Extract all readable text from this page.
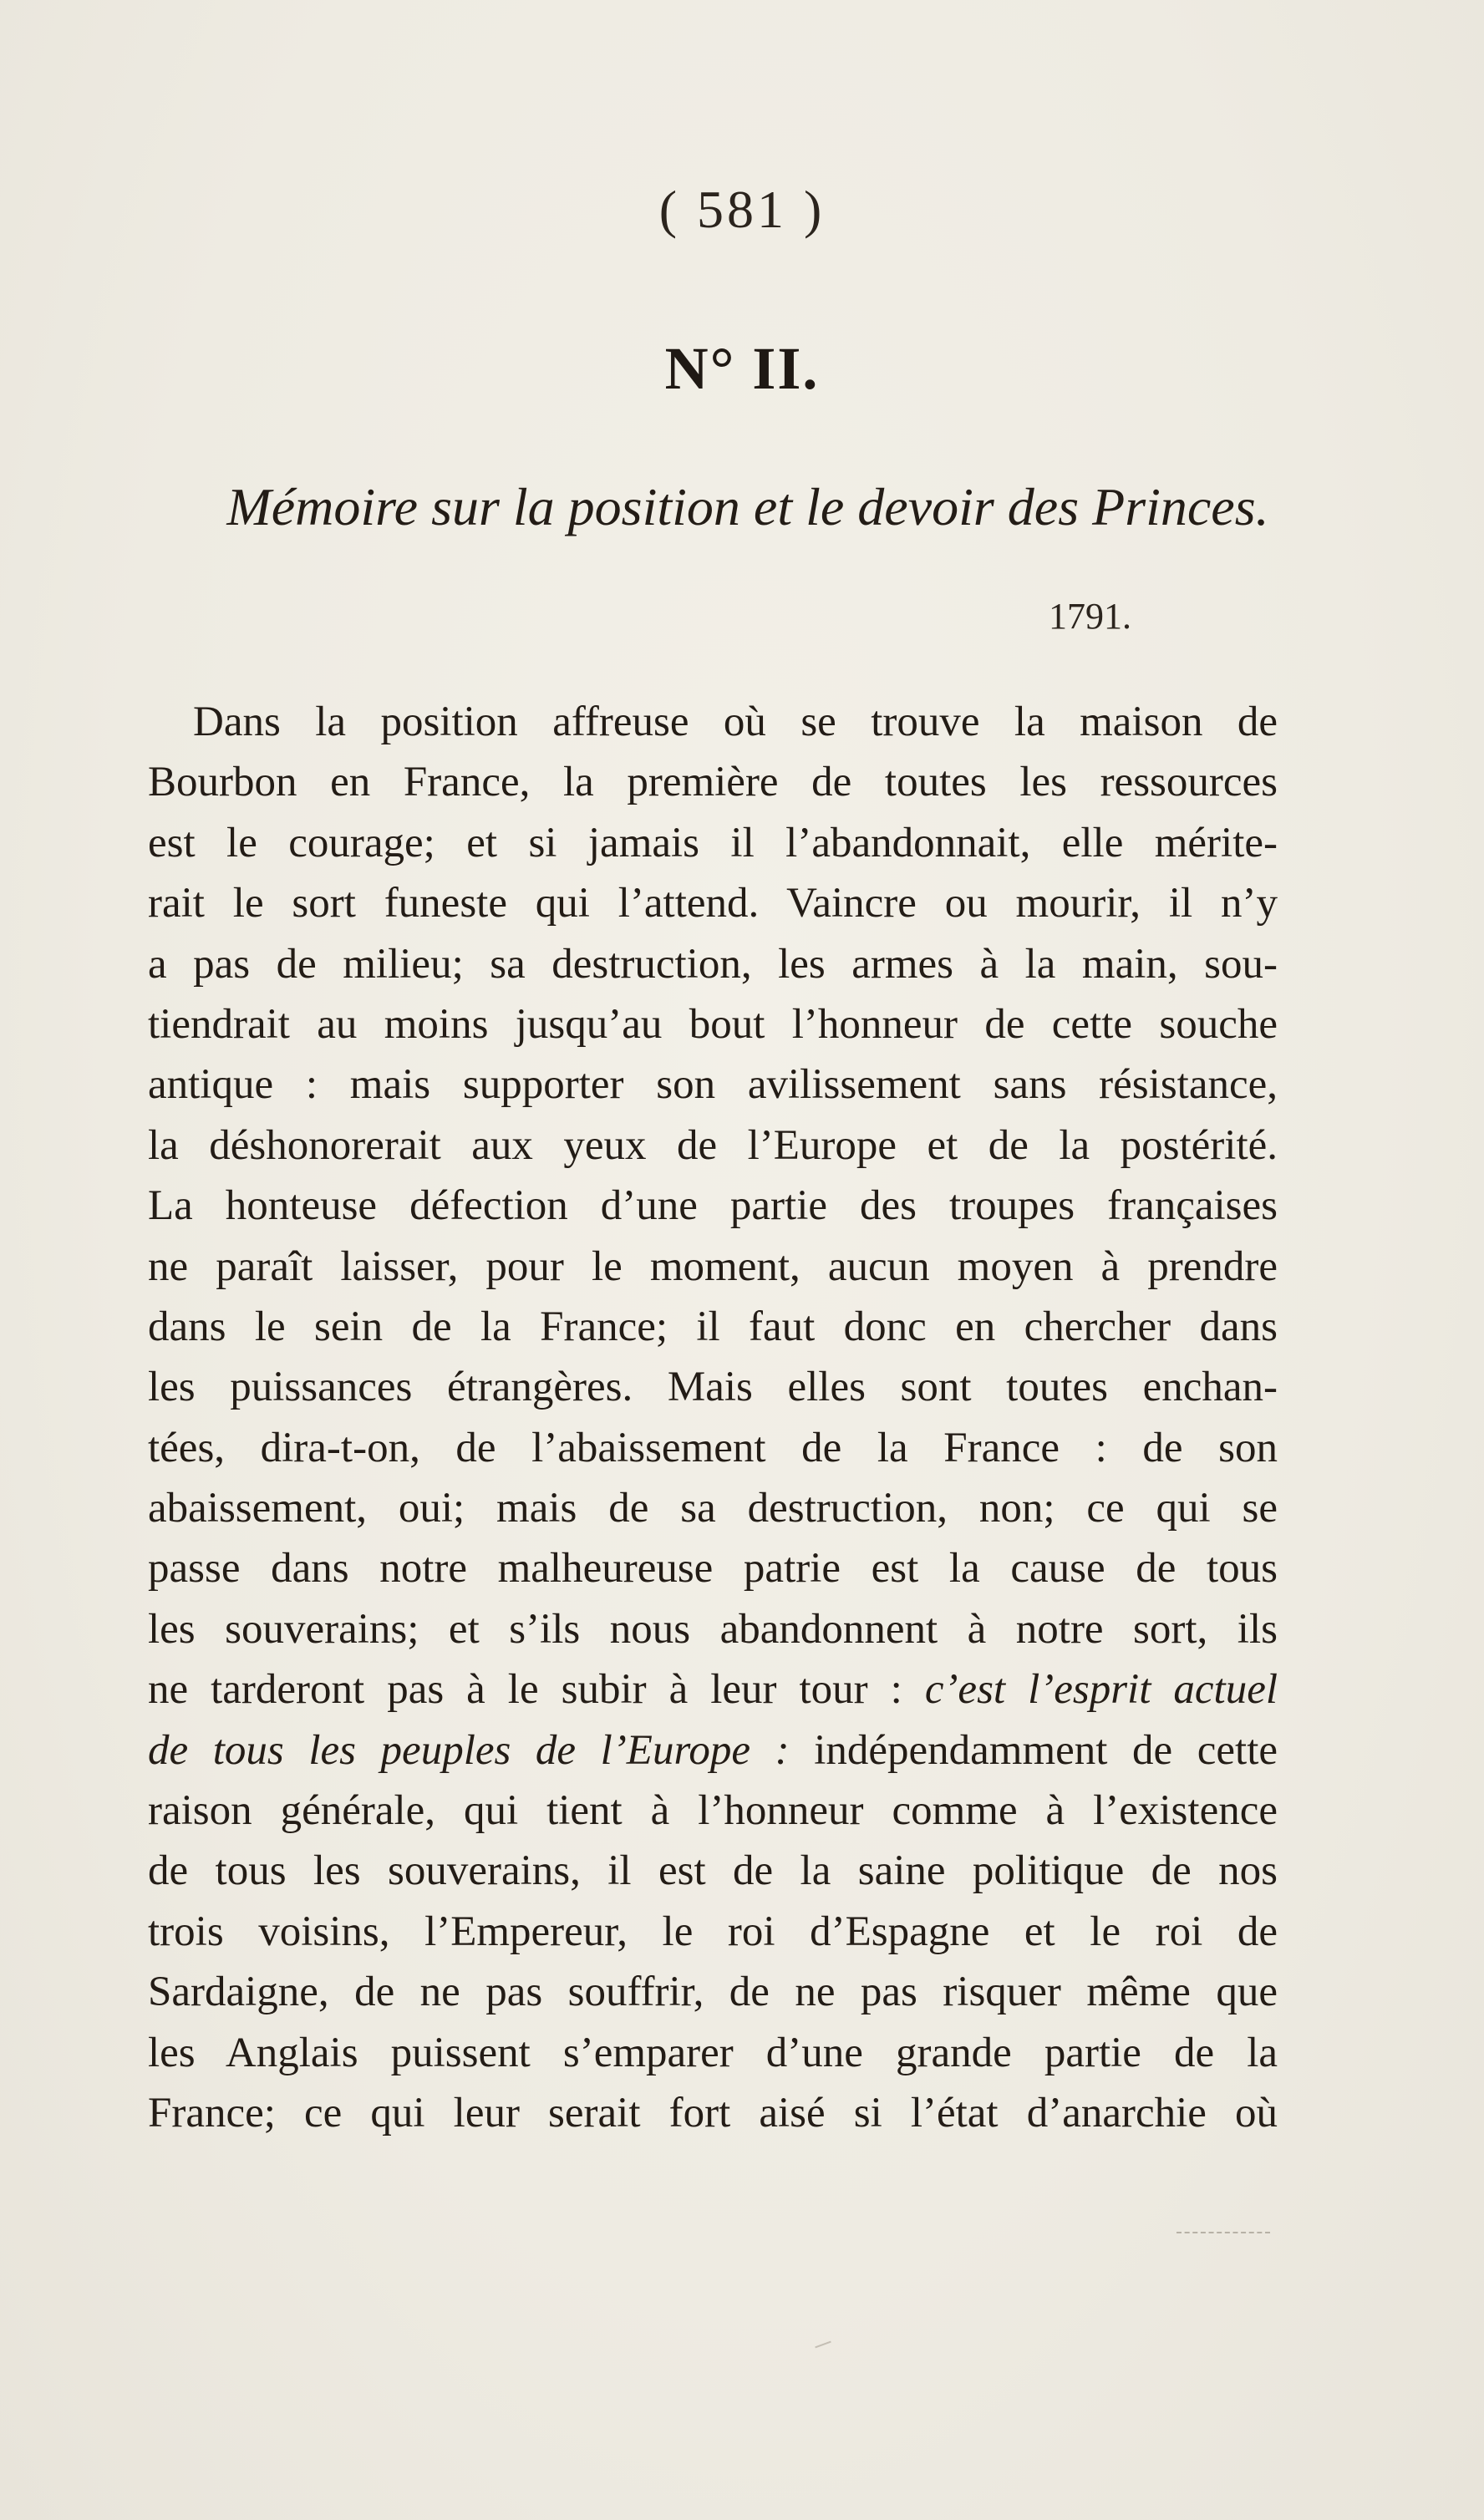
( 581 )
N° II.
Mémoire sur la position et le devoir des Princes.
1791.
Dans la position affreuse où se trouve la maison de
Bourbon en France, la première de toutes les ressources
est le courage; et si jamais il l’abandonnait, elle mérite-
rait le sort funeste qui l’attend. Vaincre ou mourir, il n’y
a pas de milieu; sa destruction, les armes à la main, sou-
tiendrait au moins jusqu’au bout l’honneur de cette souche
antique : mais supporter son avilissement sans résistance,
la déshonorerait aux yeux de l’Europe et de la postérité.
La honteuse défection d’une partie des troupes françaises
ne paraît laisser, pour le moment, aucun moyen à prendre
dans le sein de la France; il faut donc en chercher dans
les puissances étrangères. Mais elles sont toutes enchan-
tées, dira-t-on, de l’abaissement de la France : de son
abaissement, oui; mais de sa destruction, non; ce qui se
passe dans notre malheureuse patrie est la cause de tous
les souverains; et s’ils nous abandonnent à notre sort, ils
ne tarderont pas à le subir à leur tour : c’est l’esprit actuel
de tous les peuples de l’Europe : indépendamment de cette
raison générale, qui tient à l’honneur comme à l’existence
de tous les souverains, il est de la saine politique de nos
trois voisins, l’Empereur, le roi d’Espagne et le roi de
Sardaigne, de ne pas souffrir, de ne pas risquer même que
les Anglais puissent s’emparer d’une grande partie de la
France; ce qui leur serait fort aisé si l’état d’anarchie où
